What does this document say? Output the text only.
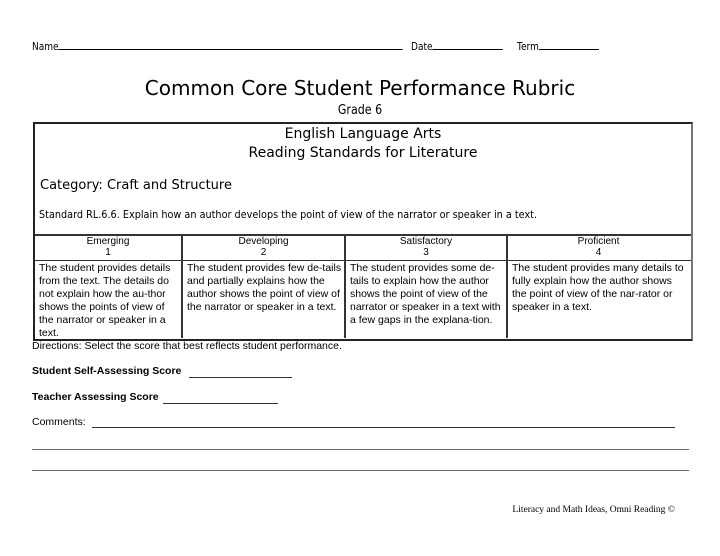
Name	Date	Term
Common Core Student Performance Rubric
Grade 6
English Language Arts
Reading Standards for Literature
Category: Craft and Structure
Standard RL.6.6. Explain how an author develops the point of view of the narrator or speaker in a text.
Emerging
1
Developing
2
Satisfactory
3
Proficient
4
The student provides details from the text. The details do not explain how the au-thor shows the points of view of the narrator or speaker in a text.
The student provides few de-tails and partially explains how the author shows the point of view of the narrator or speaker in a text.
The student provides some de-tails to explain how the author shows the point of view of the narrator or speaker in a text with a few gaps in the explana-tion.
The student provides many details to fully explain how the author shows the point of view of the nar-rator or speaker in a text.
Directions: Select the score that best reflects student performance.
Student Self-Assessing Score
Teacher Assessing Score
Comments:
Literacy and Math Ideas, Omni Reading ©
